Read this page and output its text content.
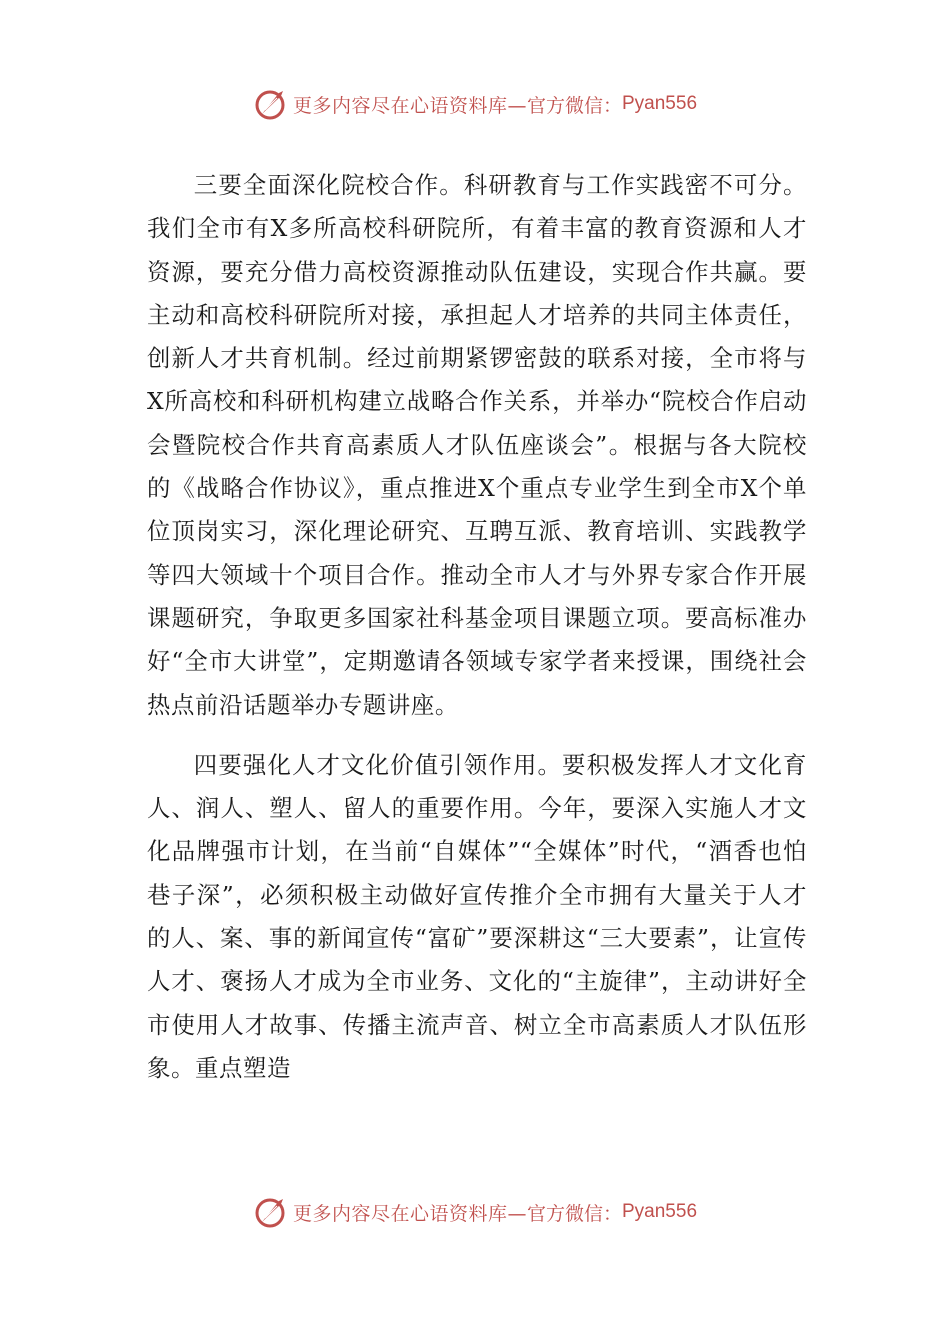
更多内容尽在心语资料库— 官方微信： Pyan556

三要全面深化院校合作。科研教育与工作实践密不可分。我们全市有X多所高校科研院所，有着丰富的教育资源和人才资源，要充分借力高校资源推动队伍建设，实现合作共赢。要主动和高校科研院所对接，承担起人才培养的共同主体责任，创新人才共育机制。经过前期紧锣密鼓的联系对接，全市将与X所高校和科研机构建立战略合作关系，并举办“院校合作启动会暨院校合作共育高素质人才队伍座谈会”。根据与各大院校的《战略合作协议》，重点推进X个重点专业学生到全市X个单位顶岗实习，深化理论研究、互聘互派、教育培训、实践教学等四大领域十个项目合作。推动全市人才与外界专家合作开展课题研究，争取更多国家社科基金项目课题立项。要高标准办好“全市大讲堂”，定期邀请各领域专家学者来授课，围绕社会热点前沿话题举办专题讲座。

四要强化人才文化价值引领作用。要积极发挥人才文化育人、润人、塑人、留人的重要作用。今年，要深入实施人才文化品牌强市计划，在当前“自媒体”“全媒体”时代，“酒香也怕巷子深”，必须积极主动做好宣传推介全市拥有大量关于人才的人、案、事的新闻宣传“富矿”要深耕这“三大要素”，让宣传人才、褒扬人才成为全市业务、文化的“主旋律”，主动讲好全市使用人才故事、传播主流声音、树立全市高素质人才队伍形象。重点塑造

更多内容尽在心语资料库— 官方微信： Pyan556
